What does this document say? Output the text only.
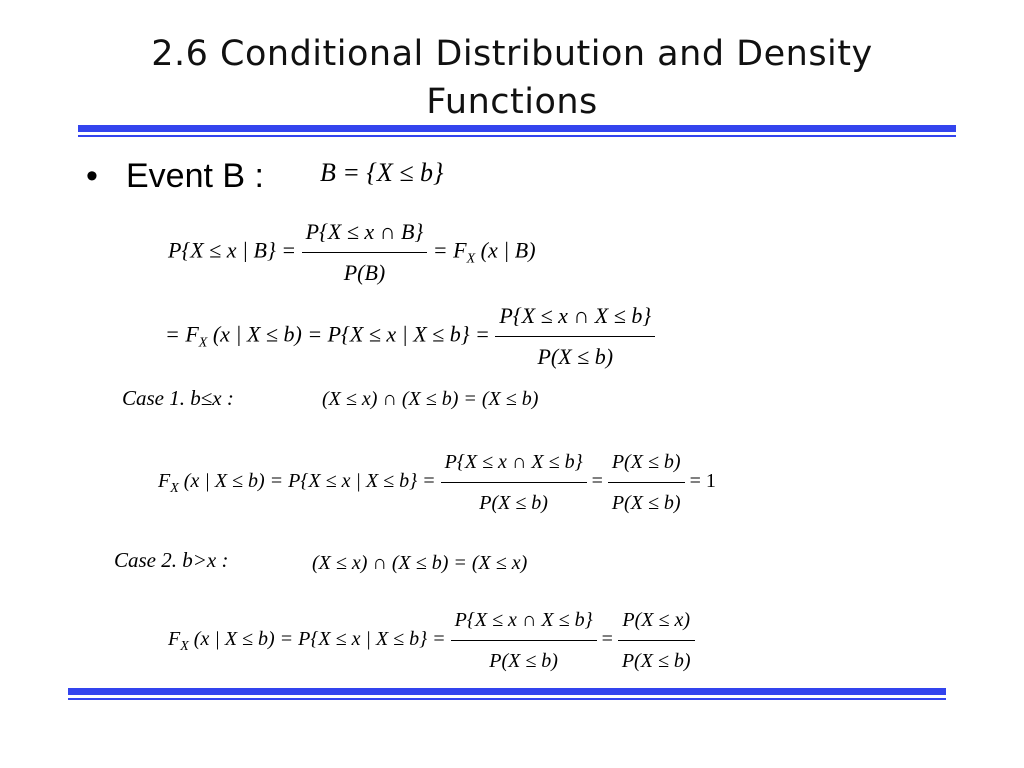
2.6 Conditional Distribution and Density
Functions
• Event B : B = {X ≤ b}
P{X ≤ x | $B\} = \frac{P\{X \le x \cap B\}}{P(B)} = F_X$ (x | B)
= $F_X$ (x | X ≤ b) = P{X ≤ x | $X \le b\} = \frac{P\{X \le x \cap X \le b\}}{P(X \le b)}$
Case 1. b≤x :	(X ≤ x) ∩ (X ≤ b) = (X ≤ b)
$F_X$ (x | X ≤ b) = P{X ≤ x | $X \le b\} = \frac{P\{X \le x \cap X \le b\}}{P(X \le b)} = \frac{P(X \le b)}{P(X \le b)} = 1$
Case 2. b>x :	(X ≤ x) ∩ (X ≤ b) = (X ≤ x)
$F_X$ (x | X ≤ b) = P{X ≤ x | $X \le b\} = \frac{P\{X \le x \cap X \le b\}}{P(X \le b)} = \frac{P(X \le x)}{P(X \le b)}$
